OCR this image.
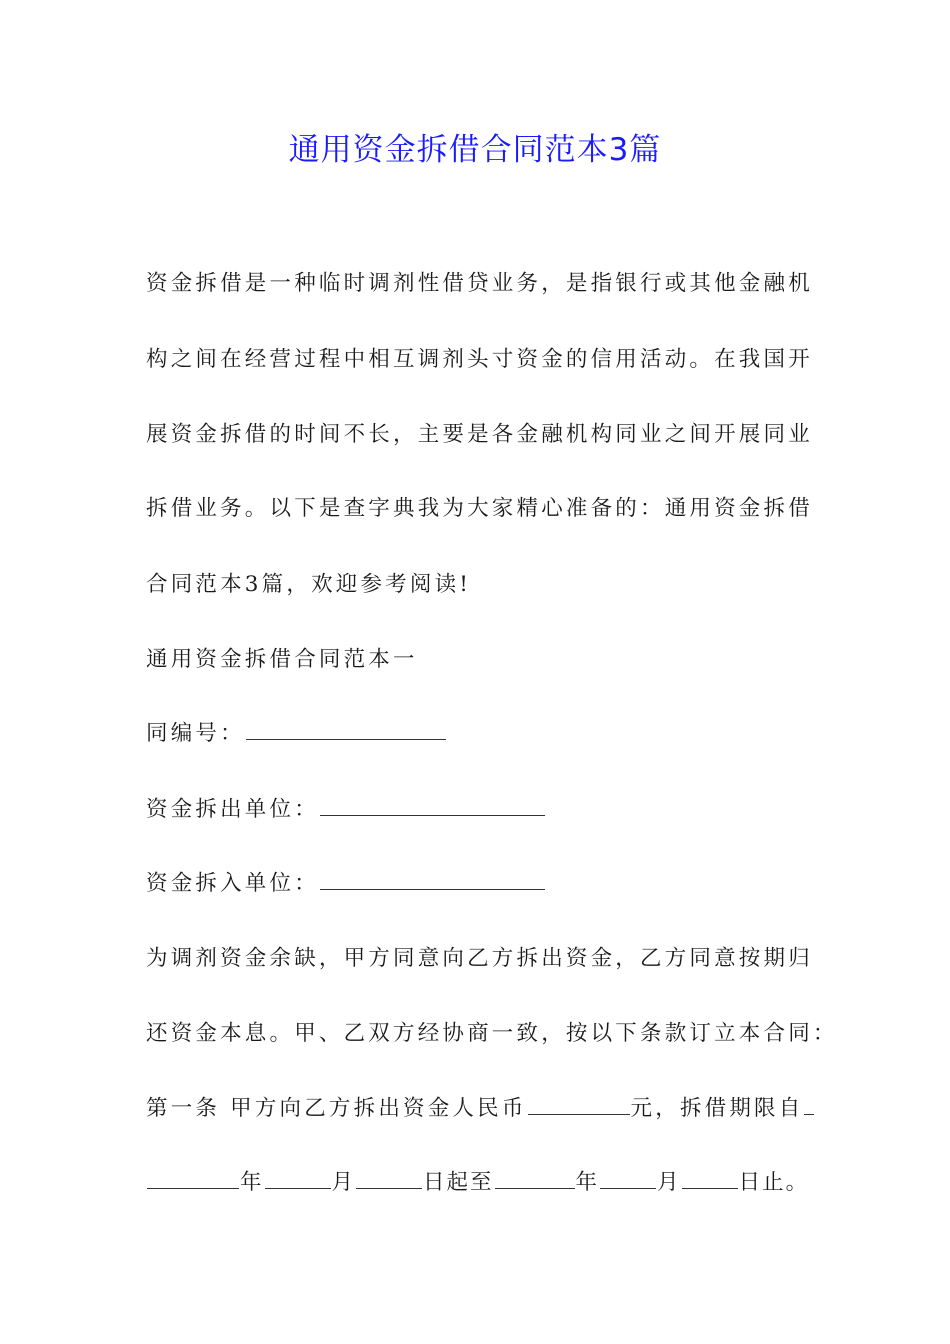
通用资金拆借合同范本3篇
资金拆借是一种临时调剂性借贷业务，是指银行或其他金融机
构之间在经营过程中相互调剂头寸资金的信用活动。在我国开
展资金拆借的时间不长，主要是各金融机构同业之间开展同业
拆借业务。以下是查字典我为大家精心准备的：通用资金拆借
合同范本3篇，欢迎参考阅读!
通用资金拆借合同范本一
同编号：
资金拆出单位：
资金拆入单位：
为调剂资金余缺，甲方同意向乙方拆出资金，乙方同意按期归
还资金本息。甲、乙双方经协商一致，按以下条款订立本合同：
第一条 甲方向乙方拆出资金人民币	元，拆借期限自
年	月	日起至	年	月	日止。
